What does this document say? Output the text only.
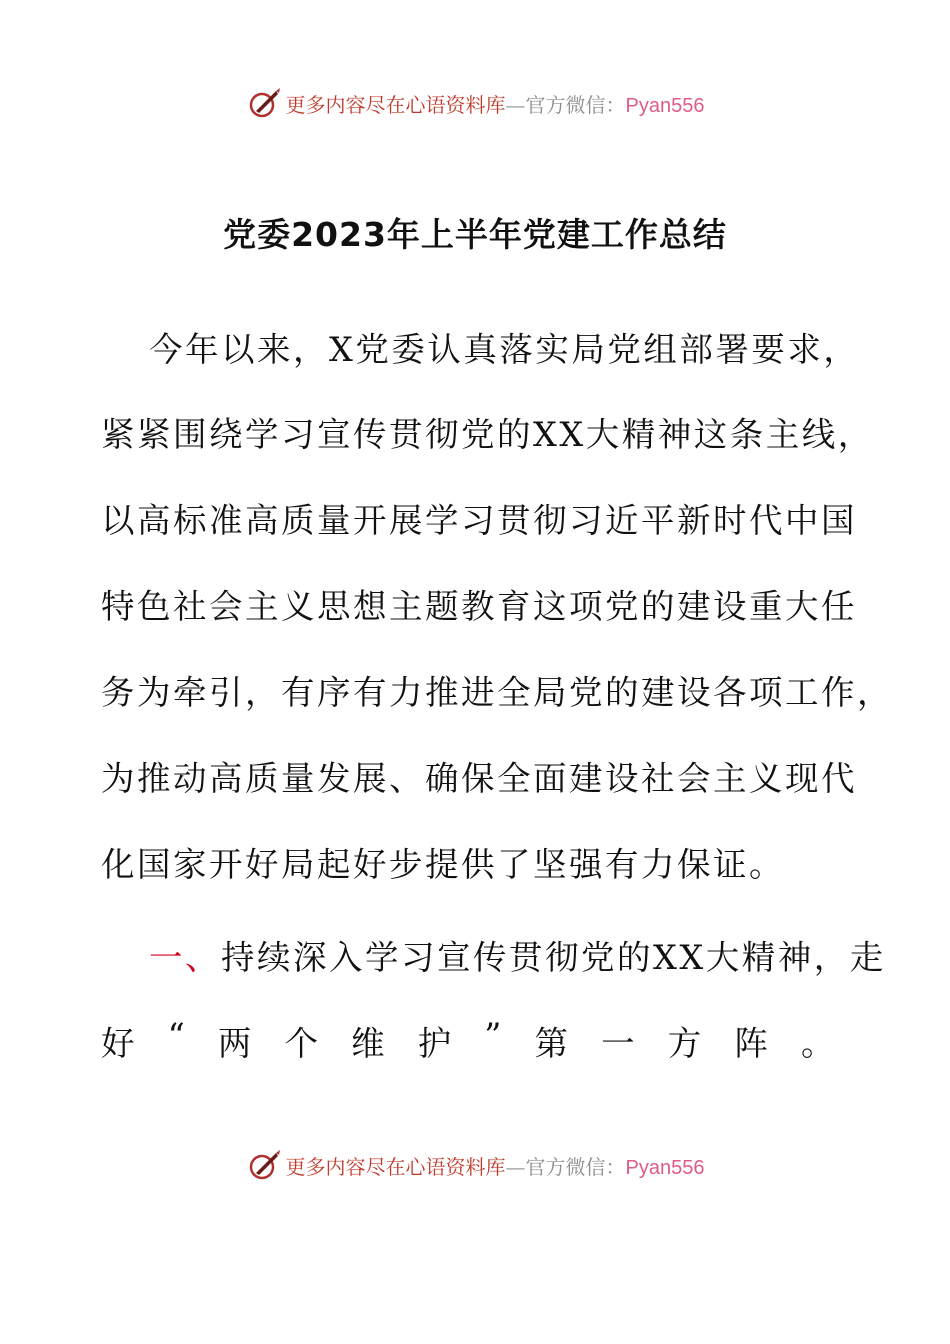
更多内容尽在心语资料库—官方微信：Pyan556
党委2023年上半年党建工作总结
今年以来，X党委认真落实局党组部署要求，
紧紧围绕学习宣传贯彻党的XX大精神这条主线，
以高标准高质量开展学习贯彻习近平新时代中国
特色社会主义思想主题教育这项党的建设重大任
务为牵引，有序有力推进全局党的建设各项工作，
为推动高质量发展、确保全面建设社会主义现代
化国家开好局起好步提供了坚强有力保证。
一、持续深入学习宣传贯彻党的XX大精神，走
好 “ 两 个 维 护 ” 第 一 方 阵 。
更多内容尽在心语资料库—官方微信：Pyan556
